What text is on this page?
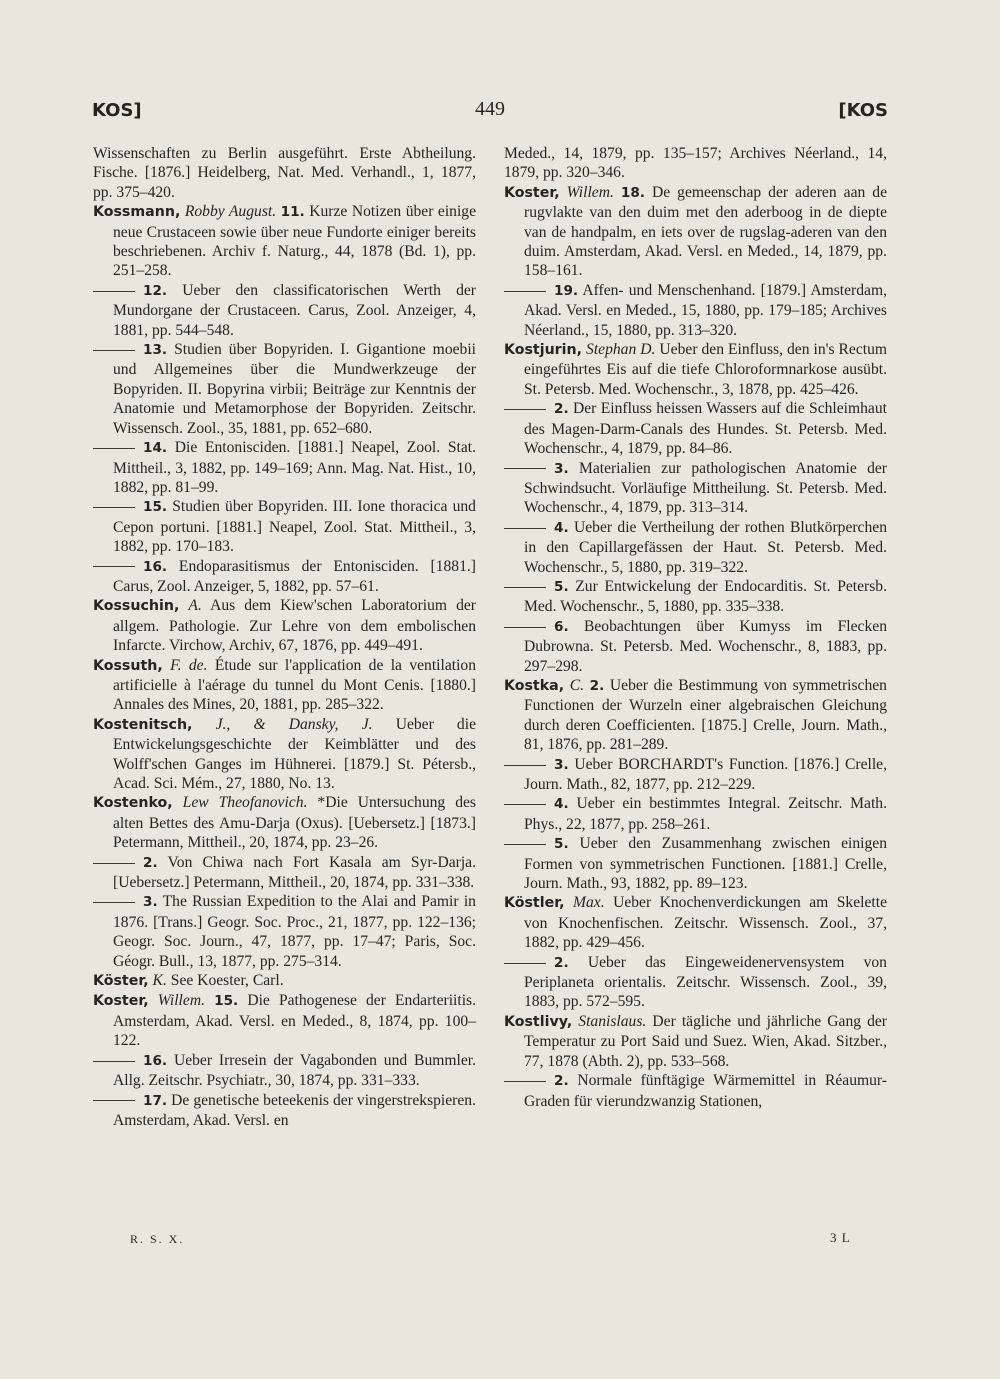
KOS]	449	[KOS

Wissenschaften zu Berlin ausgeführt. Erste Abtheilung. Fische. [1876.] Heidelberg, Nat. Med. Verhandl., 1, 1877, pp. 375–420.

Kossmann, Robby August. 11. Kurze Notizen über einige neue Crustaceen sowie über neue Fundorte einiger bereits beschriebenen. Archiv f. Naturg., 44, 1878 (Bd. 1), pp. 251–258.

12. Ueber den classificatorischen Werth der Mundorgane der Crustaceen. Carus, Zool. Anzeiger, 4, 1881, pp. 544–548.

13. Studien über Bopyriden. I. Gigantione moebii und Allgemeines über die Mundwerkzeuge der Bopyriden. II. Bopyrina virbii; Beiträge zur Kenntnis der Anatomie und Metamorphose der Bopyriden. Zeitschr. Wissensch. Zool., 35, 1881, pp. 652–680.

14. Die Entonisciden. [1881.] Neapel, Zool. Stat. Mittheil., 3, 1882, pp. 149–169; Ann. Mag. Nat. Hist., 10, 1882, pp. 81–99.

15. Studien über Bopyriden. III. Ione thoracica und Cepon portuni. [1881.] Neapel, Zool. Stat. Mittheil., 3, 1882, pp. 170–183.

16. Endoparasitismus der Entonisciden. [1881.] Carus, Zool. Anzeiger, 5, 1882, pp. 57–61.

Kossuchin, A. Aus dem Kiew'schen Laboratorium der allgem. Pathologie. Zur Lehre von dem embolischen Infarcte. Virchow, Archiv, 67, 1876, pp. 449–491.

Kossuth, F. de. Étude sur l'application de la ventilation artificielle à l'aérage du tunnel du Mont Cenis. [1880.] Annales des Mines, 20, 1881, pp. 285–322.

Kostenitsch, J., & Dansky, J. Ueber die Entwickelungsgeschichte der Keimblätter und des Wolff'schen Ganges im Hühnerei. [1879.] St. Pétersb., Acad. Sci. Mém., 27, 1880, No. 13.

Kostenko, Lew Theofanovich. *Die Untersuchung des alten Bettes des Amu-Darja (Oxus). [Uebersetz.] [1873.] Petermann, Mittheil., 20, 1874, pp. 23–26.

2. Von Chiwa nach Fort Kasala am Syr-Darja. [Uebersetz.] Petermann, Mittheil., 20, 1874, pp. 331–338.

3. The Russian Expedition to the Alai and Pamir in 1876. [Trans.] Geogr. Soc. Proc., 21, 1877, pp. 122–136; Geogr. Soc. Journ., 47, 1877, pp. 17–47; Paris, Soc. Géogr. Bull., 13, 1877, pp. 275–314.

Köster, K. See Koester, Carl.

Koster, Willem. 15. Die Pathogenese der Endarteriitis. Amsterdam, Akad. Versl. en Meded., 8, 1874, pp. 100–122.

16. Ueber Irresein der Vagabonden und Bummler. Allg. Zeitschr. Psychiatr., 30, 1874, pp. 331–333.

17. De genetische beteekenis der vingerstrekspieren. Amsterdam, Akad. Versl. en

Meded., 14, 1879, pp. 135–157; Archives Néerland., 14, 1879, pp. 320–346.

Koster, Willem. 18. De gemeenschap der aderen aan de rugvlakte van den duim met den aderboog in de diepte van de handpalm, en iets over de rugslag-aderen van den duim. Amsterdam, Akad. Versl. en Meded., 14, 1879, pp. 158–161.

19. Affen- und Menschenhand. [1879.] Amsterdam, Akad. Versl. en Meded., 15, 1880, pp. 179–185; Archives Néerland., 15, 1880, pp. 313–320.

Kostjurin, Stephan D. Ueber den Einfluss, den in's Rectum eingeführtes Eis auf die tiefe Chloroformnarkose ausübt. St. Petersb. Med. Wochenschr., 3, 1878, pp. 425–426.

2. Der Einfluss heissen Wassers auf die Schleimhaut des Magen-Darm-Canals des Hundes. St. Petersb. Med. Wochenschr., 4, 1879, pp. 84–86.

3. Materialien zur pathologischen Anatomie der Schwindsucht. Vorläufige Mittheilung. St. Petersb. Med. Wochenschr., 4, 1879, pp. 313–314.

4. Ueber die Vertheilung der rothen Blutkörperchen in den Capillargefässen der Haut. St. Petersb. Med. Wochenschr., 5, 1880, pp. 319–322.

5. Zur Entwickelung der Endocarditis. St. Petersb. Med. Wochenschr., 5, 1880, pp. 335–338.

6. Beobachtungen über Kumyss im Flecken Dubrowna. St. Petersb. Med. Wochenschr., 8, 1883, pp. 297–298.

Kostka, C. 2. Ueber die Bestimmung von symmetrischen Functionen der Wurzeln einer algebraischen Gleichung durch deren Coefficienten. [1875.] Crelle, Journ. Math., 81, 1876, pp. 281–289.

3. Ueber BORCHARDT's Function. [1876.] Crelle, Journ. Math., 82, 1877, pp. 212–229.

4. Ueber ein bestimmtes Integral. Zeitschr. Math. Phys., 22, 1877, pp. 258–261.

5. Ueber den Zusammenhang zwischen einigen Formen von symmetrischen Functionen. [1881.] Crelle, Journ. Math., 93, 1882, pp. 89–123.

Köstler, Max. Ueber Knochenverdickungen am Skelette von Knochenfischen. Zeitschr. Wissensch. Zool., 37, 1882, pp. 429–456.

2. Ueber das Eingeweidenervensystem von Periplaneta orientalis. Zeitschr. Wissensch. Zool., 39, 1883, pp. 572–595.

Kostlivy, Stanislaus. Der tägliche und jährliche Gang der Temperatur zu Port Said und Suez. Wien, Akad. Sitzber., 77, 1878 (Abth. 2), pp. 533–568.

2. Normale fünftägige Wärmemittel in Réaumur-Graden für vierundzwanzig Stationen,

R. S. X.	3 L
